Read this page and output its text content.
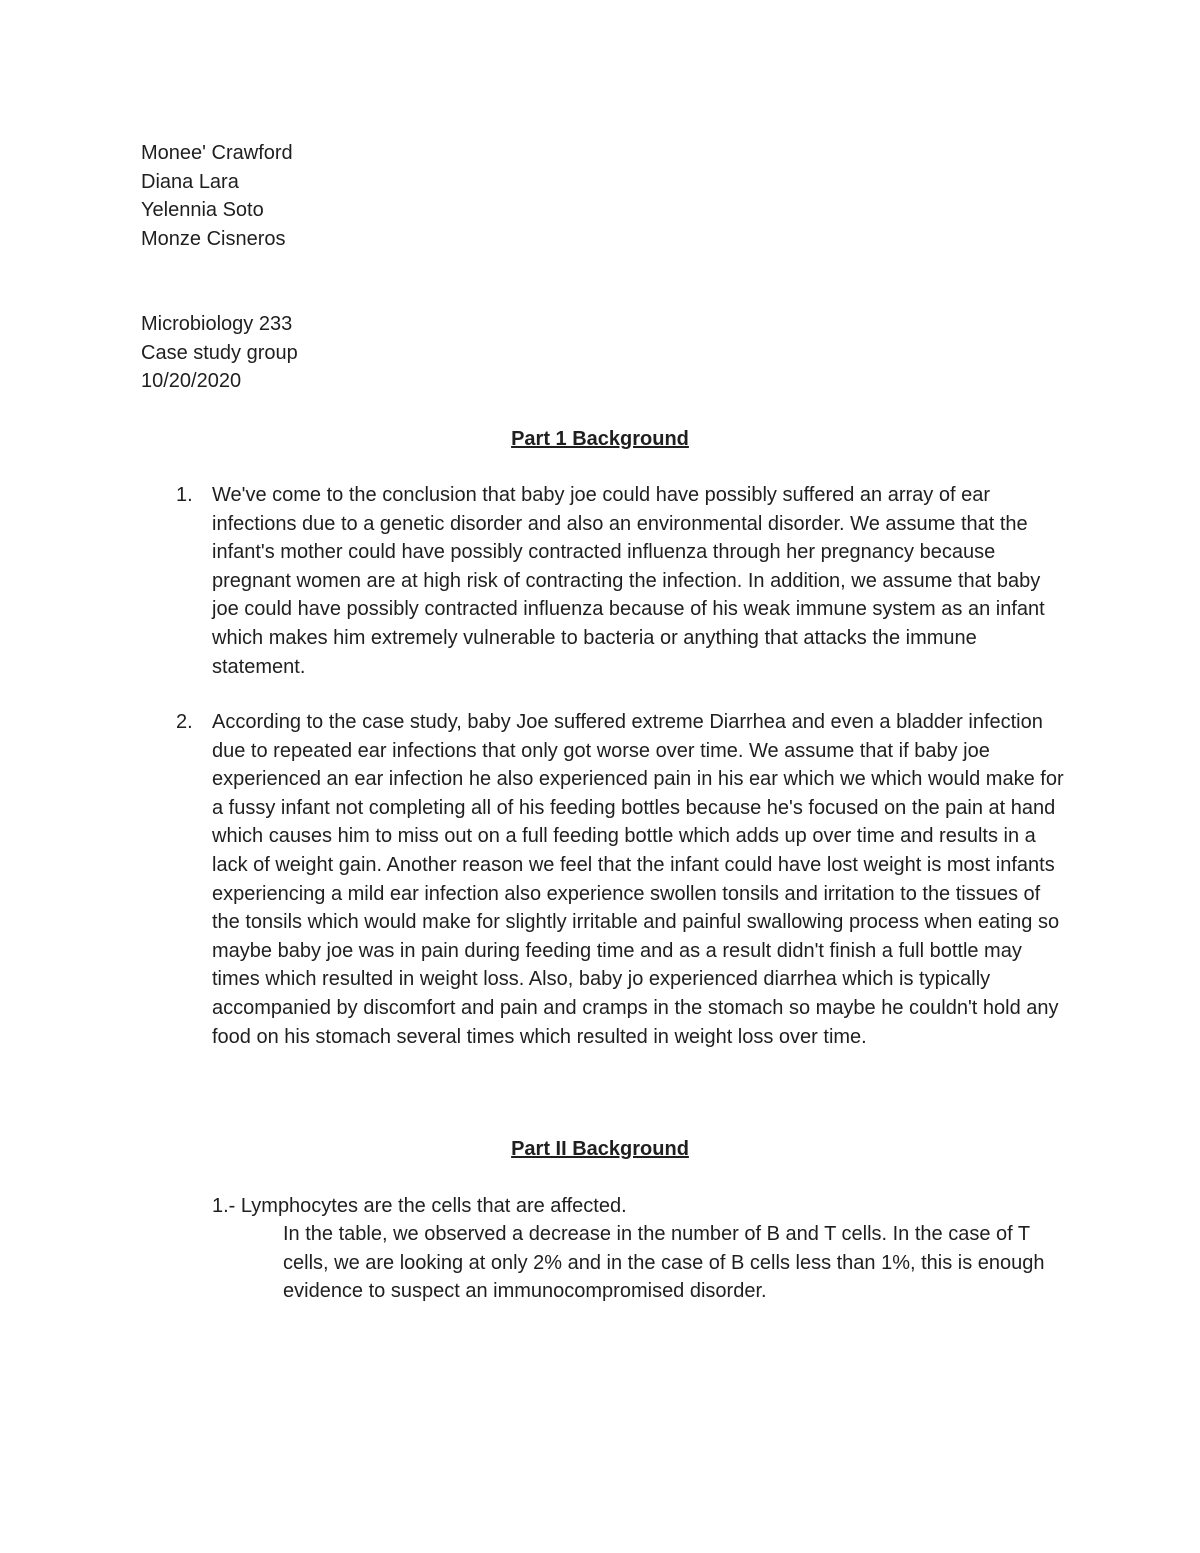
Monee' Crawford
Diana Lara
Yelennia Soto
Monze Cisneros
Microbiology 233
Case study group
10/20/2020
Part 1 Background
1. We've come to the conclusion that baby joe could have possibly suffered an array of ear infections due to a genetic disorder and also an environmental disorder. We assume that the infant's mother could have possibly contracted influenza through her pregnancy because pregnant women are at high risk of contracting the infection. In addition, we assume that baby joe could have possibly contracted influenza because of his weak immune system as an infant which makes him extremely vulnerable to bacteria or anything that attacks the immune statement.
2. According to the case study, baby Joe suffered extreme Diarrhea and even a bladder infection due to repeated ear infections that only got worse over time. We assume that if baby joe experienced an ear infection he also experienced pain in his ear which we which would make for a fussy infant not completing all of his feeding bottles because he's focused on the pain at hand which causes him to miss out on a full feeding bottle which adds up over time and results in a lack of weight gain. Another reason we feel that the infant could have lost weight is most infants experiencing a mild ear infection also experience swollen tonsils and irritation to the tissues of the tonsils which would make for slightly irritable and painful swallowing process when eating so maybe baby joe was in pain during feeding time and as a result didn't finish a full bottle may times which resulted in weight loss. Also, baby jo experienced diarrhea which is typically accompanied by discomfort and pain and cramps in the stomach so maybe he couldn't hold any food on his stomach several times which resulted in weight loss over time.
Part II Background
1.- Lymphocytes are the cells that are affected.
In the table, we observed a decrease in the number of B and T cells. In the case of T cells, we are looking at only 2% and in the case of B cells less than 1%, this is enough evidence to suspect an immunocompromised disorder.
